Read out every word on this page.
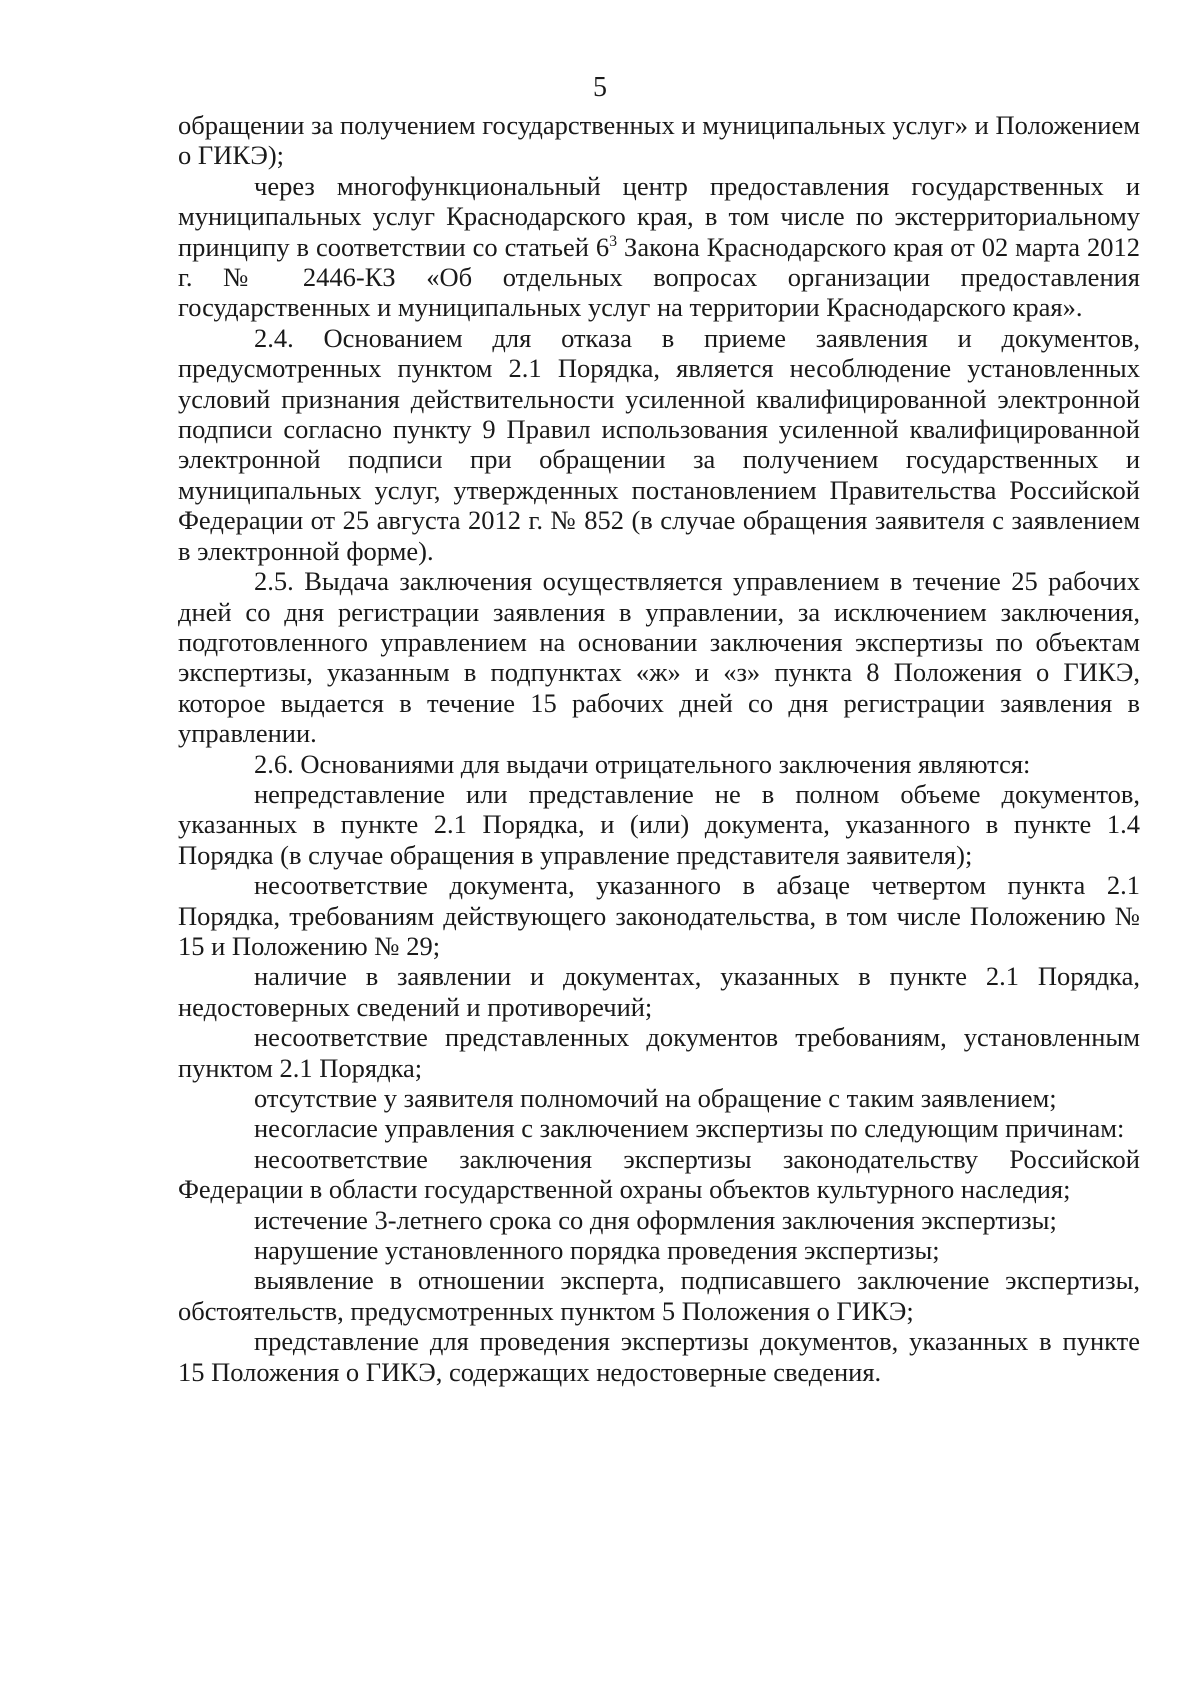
5

обращении за получением государственных и муниципальных услуг» и Положением о ГИКЭ);

через многофункциональный центр предоставления государственных и муниципальных услуг Краснодарского края, в том числе по экстерриториальному принципу в соответствии со статьей $6^3$ Закона Краснодарского края от 02 марта 2012 г. № 2446-КЗ «Об отдельных вопросах организации предоставления государственных и муниципальных услуг на территории Краснодарского края».

2.4. Основанием для отказа в приеме заявления и документов, предусмотренных пунктом 2.1 Порядка, является несоблюдение установленных условий признания действительности усиленной квалифицированной электронной подписи согласно пункту 9 Правил использования усиленной квалифицированной электронной подписи при обращении за получением государственных и муниципальных услуг, утвержденных постановлением Правительства Российской Федерации от 25 августа 2012 г. № 852 (в случае обращения заявителя с заявлением в электронной форме).

2.5. Выдача заключения осуществляется управлением в течение 25 рабочих дней со дня регистрации заявления в управлении, за исключением заключения, подготовленного управлением на основании заключения экспертизы по объектам экспертизы, указанным в подпунктах «ж» и «з» пункта 8 Положения о ГИКЭ, которое выдается в течение 15 рабочих дней со дня регистрации заявления в управлении.

2.6. Основаниями для выдачи отрицательного заключения являются:

непредставление или представление не в полном объеме документов, указанных в пункте 2.1 Порядка, и (или) документа, указанного в пункте 1.4 Порядка (в случае обращения в управление представителя заявителя);

несоответствие документа, указанного в абзаце четвертом пункта 2.1 Порядка, требованиям действующего законодательства, в том числе Положению № 15 и Положению № 29;

наличие в заявлении и документах, указанных в пункте 2.1 Порядка, недостоверных сведений и противоречий;

несоответствие представленных документов требованиям, установленным пунктом 2.1 Порядка;

отсутствие у заявителя полномочий на обращение с таким заявлением;

несогласие управления с заключением экспертизы по следующим причинам:

несоответствие заключения экспертизы законодательству Российской Федерации в области государственной охраны объектов культурного наследия;

истечение 3-летнего срока со дня оформления заключения экспертизы;

нарушение установленного порядка проведения экспертизы;

выявление в отношении эксперта, подписавшего заключение экспертизы, обстоятельств, предусмотренных пунктом 5 Положения о ГИКЭ;

представление для проведения экспертизы документов, указанных в пункте 15 Положения о ГИКЭ, содержащих недостоверные сведения.
